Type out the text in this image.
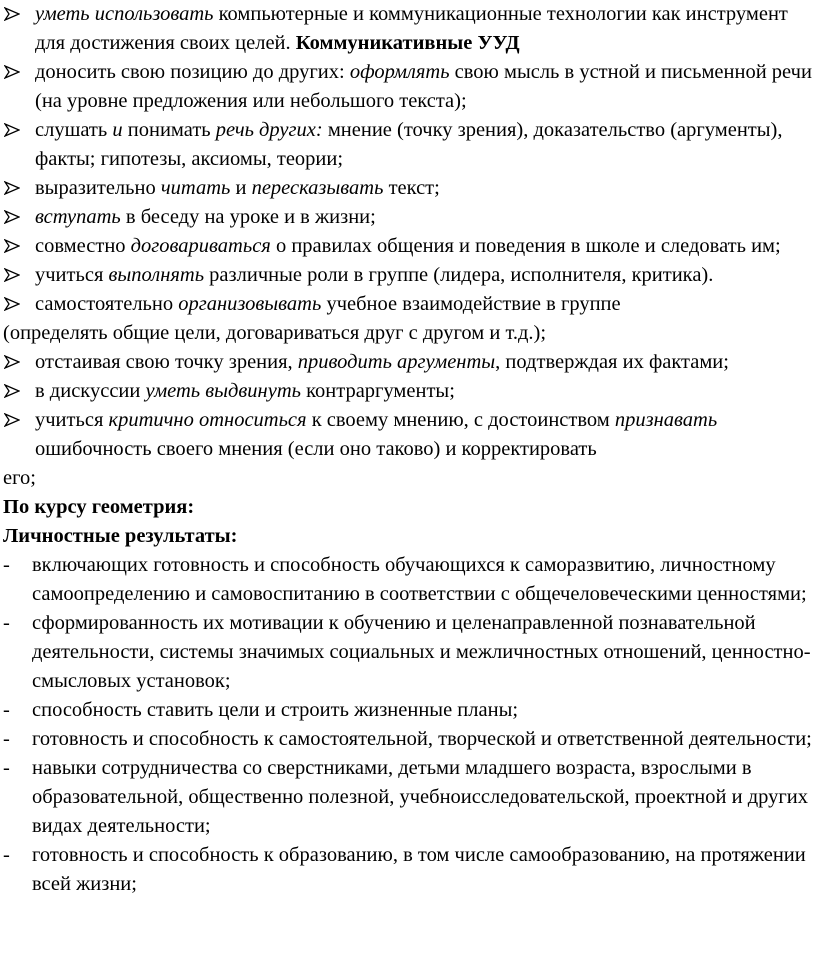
уметь использовать компьютерные и коммуникационные технологии как инструмент для достижения своих целей. Коммуникативные УУД
доносить свою позицию до других: оформлять свою мысль в устной и письменной речи (на уровне предложения или небольшого текста);
слушать и понимать речь других: мнение (точку зрения), доказательство (аргументы), факты; гипотезы, аксиомы, теории;
выразительно читать и пересказывать текст;
вступать в беседу на уроке и в жизни;
совместно договариваться о правилах общения и поведения в школе и следовать им;
учиться выполнять различные роли в группе (лидера, исполнителя, критика).
самостоятельно организовывать учебное взаимодействие в группе

(определять общие цели, договариваться друг с другом и т.д.);

отстаивая свою точку зрения, приводить аргументы, подтверждая их фактами;
в дискуссии уметь выдвинуть контраргументы;
учиться критично относиться к своему мнению, с достоинством признавать ошибочность своего мнения (если оно таково) и корректировать

его;

По курсу геометрия:

Личностные результаты:

- включающих готовность и способность обучающихся к саморазвитию, личностному самоопределению и самовоспитанию в соответствии с общечеловеческими ценностями;
- сформированность их мотивации к обучению и целенаправленной познавательной деятельности, системы значимых социальных и межличностных отношений, ценностно-смысловых установок;
- способность ставить цели и строить жизненные планы;
- готовность и способность к самостоятельной, творческой и ответственной деятельности;
- навыки сотрудничества со сверстниками, детьми младшего возраста, взрослыми в образовательной, общественно полезной, учебноисследовательской, проектной и других видах деятельности;
- готовность и способность к образованию, в том числе самообразованию, на протяжении всей жизни;
